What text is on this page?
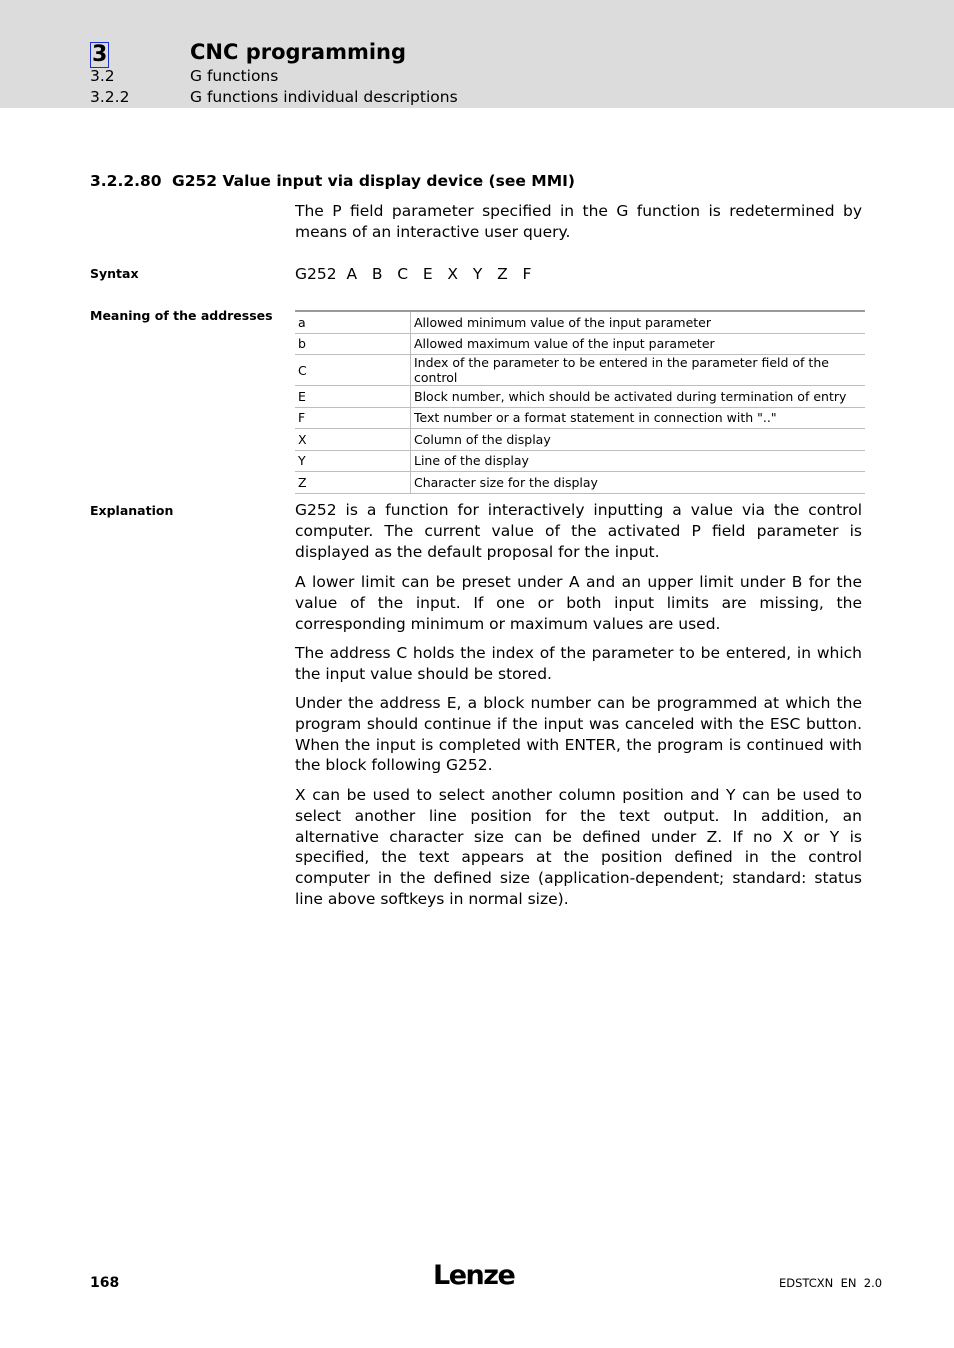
3	CNC programming
3.2	G functions
3.2.2	G functions individual descriptions
3.2.2.80 G252 Value input via display device (see MMI)

The P field parameter specified in the G function is redetermined by means of an interactive user query.

Syntax	G252  A   B   C   E   X   Y   Z   F
Meaning of the addresses a	Allowed minimum value of the input parameter
b	Allowed maximum value of the input parameter
C	Index of the parameter to be entered in the parameter field of the control
E	Block number, which should be activated during termination of entry
F	Text number or a format statement in connection with ".."
X	Column of the display
Y	Line of the display
Z	Character size for the display
Explanation	G252 is a function for interactively inputting a value via the control computer. The current value of the activated P field parameter is displayed as the default proposal for the input.

A lower limit can be preset under A and an upper limit under B for the value of the input. If one or both input limits are missing, the corresponding minimum or maximum values are used.

The address C holds the index of the parameter to be entered, in which the input value should be stored.

Under the address E, a block number can be programmed at which the program should continue if the input was canceled with the ESC button. When the input is completed with ENTER, the program is continued with the block following G252.

X can be used to select another column position and Y can be used to select another line position for the text output. In addition, an alternative character size can be defined under Z. If no X or Y is specified, the text appears at the position defined in the control computer in the defined size (application-dependent; standard: status line above softkeys in normal size).

168	Lenze	EDSTCXN  EN  2.0
